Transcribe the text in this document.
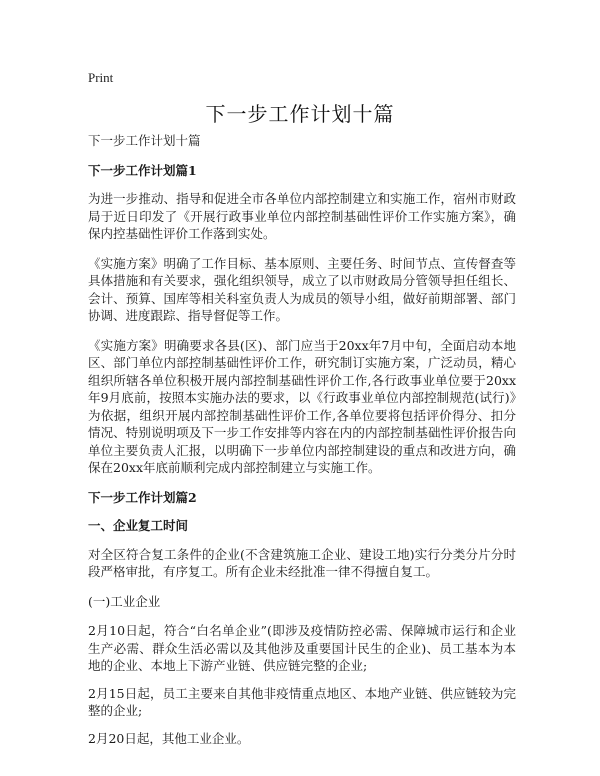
Print
下一步工作计划十篇

下一步工作计划十篇

下一步工作计划篇1

为进一步推动、指导和促进全市各单位内部控制建立和实施工作，宿州市财政局于近日印发了《开展行政事业单位内部控制基础性评价工作实施方案》，确保内控基础性评价工作落到实处。

《实施方案》明确了工作目标、基本原则、主要任务、时间节点、宣传督查等具体措施和有关要求，强化组织领导，成立了以市财政局分管领导担任组长、会计、预算、国库等相关科室负责人为成员的领导小组，做好前期部署、部门协调、进度跟踪、指导督促等工作。

《实施方案》明确要求各县(区)、部门应当于20xx年7月中旬，全面启动本地区、部门单位内部控制基础性评价工作，研究制订实施方案，广泛动员，精心组织所辖各单位积极开展内部控制基础性评价工作,各行政事业单位要于20xx年9月底前，按照本实施办法的要求，以《行政事业单位内部控制规范(试行)》为依据，组织开展内部控制基础性评价工作,各单位要将包括评价得分、扣分情况、特别说明项及下一步工作安排等内容在内的内部控制基础性评价报告向单位主要负责人汇报，以明确下一步单位内部控制建设的重点和改进方向，确保在20xx年底前顺利完成内部控制建立与实施工作。

下一步工作计划篇2

一、企业复工时间

对全区符合复工条件的企业(不含建筑施工企业、建设工地)实行分类分片分时段严格审批，有序复工。所有企业未经批准一律不得擅自复工。

(一)工业企业

2月10日起，符合“白名单企业”(即涉及疫情防控必需、保障城市运行和企业生产必需、群众生活必需以及其他涉及重要国计民生的企业)、员工基本为本地的企业、本地上下游产业链、供应链完整的企业;

2月15日起，员工主要来自其他非疫情重点地区、本地产业链、供应链较为完整的企业;

2月20日起，其他工业企业。
